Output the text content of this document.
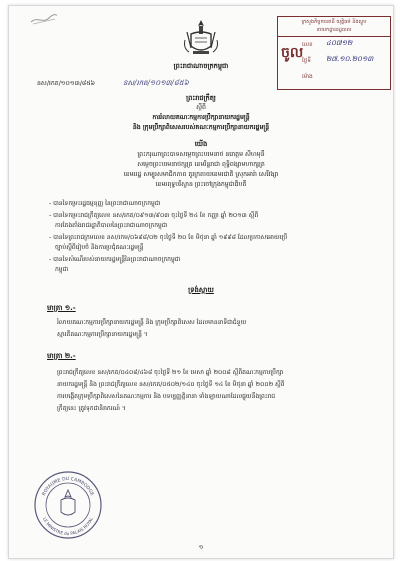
ក្រសួងកិច្ចការនាដី យុត្តិធម៌ និងស្ងួប
នាយកដ្ឋានរដ្ឋបាល
ចូល
លេខ ៤០៧១២
ថ្ងៃទី ២៧.១០.២០១៣
ម៉ោង
ព្រះរាជាណាចក្រកម្ពុជា
នស/រកត/១០១៣/៨៥៦	នស/រកត/១០១៣/៨៥៦
ព្រះរាជក្រឹត្យ
ស្តីពី
ការរំលាយគណៈកម្មការប្រឹក្សានាយករដ្ឋមន្ត្រី
និង ក្រុមប្រឹក្សាពិសេសរបស់គណៈកម្មការប្រឹក្សានាយករដ្ឋមន្ត្រី
យើង
ព្រះករុណាព្រះបាទសម្ដេចព្រះបរមនាថ នរោត្តម សីហមុនី
សម្ដេចព្រះបរមនាថក្សត្រ ខេមរិន្ទរាជា ពុទ្ធិពង្សាមហាក្សត្រ
ខេមររដ្ឋ សម្បូរសមាជិកភាព តូរក្រតាយខេមរជាតិ ស្រុកអារ៉ា សេរីវង្សា
ខេមរពុទ្ធបរិស្ទាន ព្រះចៅក្រុងកម្ពុជាធិបតី
- បានទៃកម្រះរដ្ឋធម្មនុញ្ញ នៃព្រះរាជាណាចក្រកម្ពុជា
- បានទៃកម្រះរាជក្រឹត្យលេខ នស/រកត/០៩១៣/៩០៣ ចុះថ្ងៃទី ២៤ ខែ កញ្ញា ឆ្នាំ ២០១៣ ស្តីពី
ការតែងតាំងរាជរដ្ឋាភិបាលនៃព្រះរាជាណាចក្រកម្ពុជា
- បានទៃព្រះរាជក្រមលេខ នស/រកម/០៦៩៨/០២ ចុះថ្ងៃទី ២០ ខែ មិថុនា ឆ្នាំ ១៩៩៨ ដែលប្រកាសអោយប្រើ
ច្បាប់ស្តីពីរៀបចំ និងការប្រជុំគណៈរដ្ឋមន្ត្រី
- បានទៃសំណើរបស់នាយករដ្ឋមន្ត្រីនៃព្រះរាជាណាចក្រកម្ពុជា
កម្ពុជា
ទ្រង់ស្ពាយ
មាត្រា ១.-
រំលាយគណៈកម្មការប្រឹក្សានាយករដ្ឋមន្ត្រី និង ក្រុមប្រឹក្សាពិសេស ដែលមាននាទីជាជំនួយ
ស្មារតីគណៈកម្មការប្រឹក្សានាយករដ្ឋមន្ត្រី ។
មាត្រា ២.-
ព្រះរាជក្រឹត្យលេខ នស/រកត/០៤០៨/៤៦៨ ចុះថ្ងៃទី ២១ ខែ មេសា ឆ្នាំ ២០០៨ ស្តីពីគណៈកម្មការប្រឹក្សា
នាយករដ្ឋមន្ត្រី និង ព្រះរាជក្រឹត្យលេខ នស/រកត/០៥០២/១៤០ ចុះថ្ងៃទី ១៤ ខែ មិថុនា ឆ្នាំ ២០០២ ស្តីពី
ការបង្កើតក្រុមប្រឹក្សាពិសេសនៃគណៈកម្មការ និង បទប្បញ្ញត្តិនានា ទាំងឡាយណាដែលផ្ទុយនឹងព្រះរាជ
ក្រឹត្យនេះ ត្រូវទុកជានិរាករណ៍ ។
ROYAUME DU CAMBODGE
LE MINISTRE du PALAIS ROYAL
១
